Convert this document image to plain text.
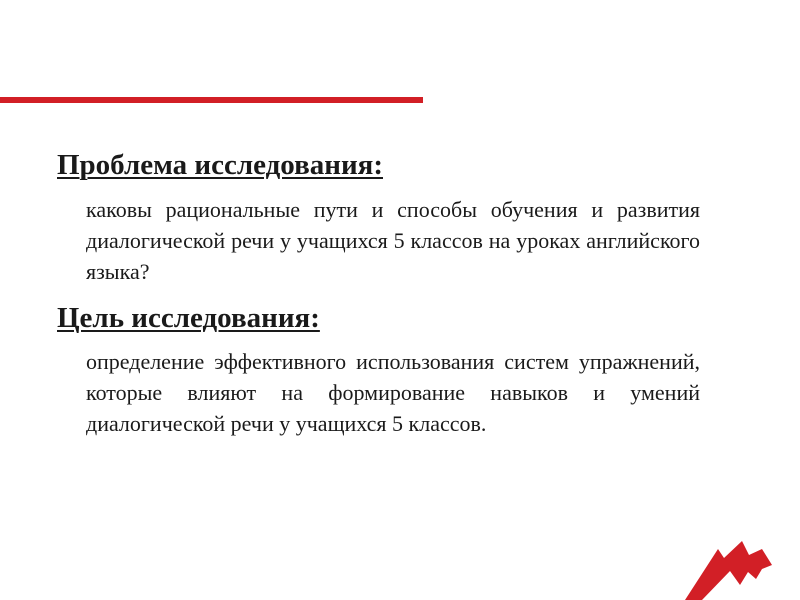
Проблема исследования:

каковы рациональные пути и способы обучения и развития диалогической речи у учащихся 5 классов на уроках английского языка?

Цель исследования:

определение эффективного использования систем упражнений, которые влияют на формирование навыков и умений диалогической речи у учащихся 5 классов.
